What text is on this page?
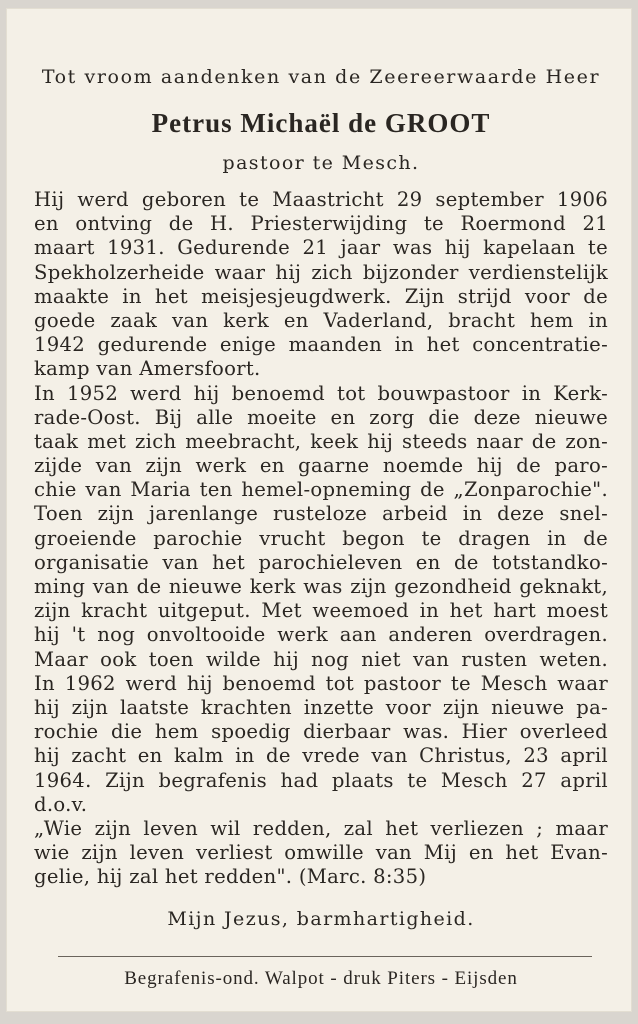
Tot vroom aandenken van de Zeereerwaarde Heer
Petrus Michaël de GROOT
pastoor te Mesch.
Hij werd geboren te Maastricht 29 september 1906
en ontving de H. Priesterwijding te Roermond 21
maart 1931. Gedurende 21 jaar was hij kapelaan te
Spekholzerheide waar hij zich bijzonder verdienstelijk
maakte in het meisjesjeugdwerk. Zijn strijd voor de
goede zaak van kerk en Vaderland, bracht hem in
1942 gedurende enige maanden in het concentratie-
kamp van Amersfoort.
In 1952 werd hij benoemd tot bouwpastoor in Kerk-
rade-Oost. Bij alle moeite en zorg die deze nieuwe
taak met zich meebracht, keek hij steeds naar de zon-
zijde van zijn werk en gaarne noemde hij de paro-
chie van Maria ten hemel-opneming de „Zonparochie".
Toen zijn jarenlange rusteloze arbeid in deze snel-
groeiende parochie vrucht begon te dragen in de
organisatie van het parochieleven en de totstandko-
ming van de nieuwe kerk was zijn gezondheid geknakt,
zijn kracht uitgeput. Met weemoed in het hart moest
hij 't nog onvoltooide werk aan anderen overdragen.
Maar ook toen wilde hij nog niet van rusten weten.
In 1962 werd hij benoemd tot pastoor te Mesch waar
hij zijn laatste krachten inzette voor zijn nieuwe pa-
rochie die hem spoedig dierbaar was. Hier overleed
hij zacht en kalm in de vrede van Christus, 23 april
1964. Zijn begrafenis had plaats te Mesch 27 april
d.o.v.
„Wie zijn leven wil redden, zal het verliezen ; maar
wie zijn leven verliest omwille van Mij en het Evan-
gelie, hij zal het redden". (Marc. 8:35)
Mijn Jezus, barmhartigheid.
Begrafenis-ond. Walpot - druk Piters - Eijsden
